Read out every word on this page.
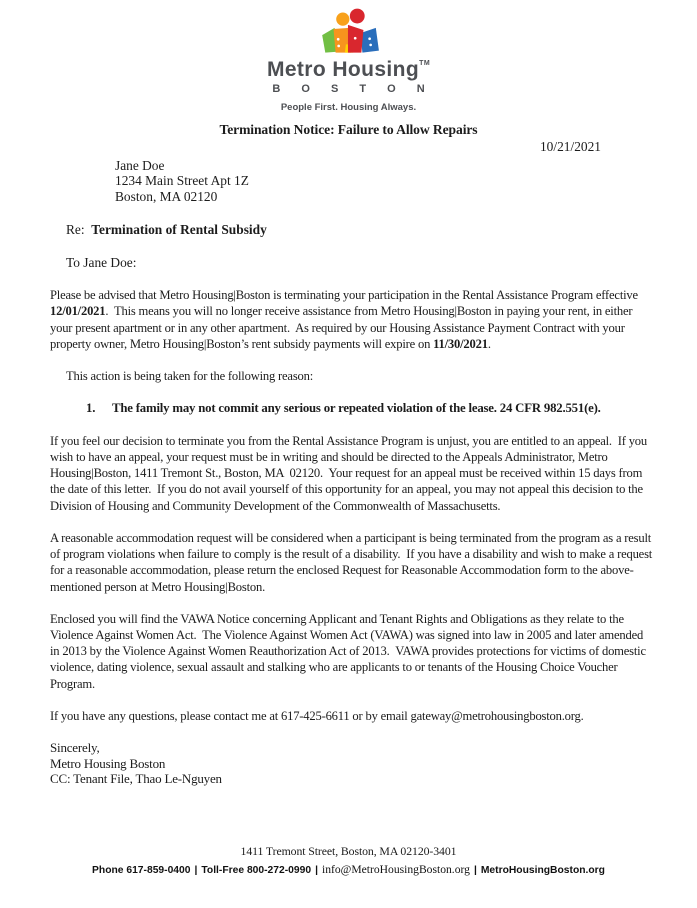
Metro Housing™
B O S T O N
People First. Housing Always.
Termination Notice: Failure to Allow Repairs
10/21/2021
Jane Doe
1234 Main Street Apt 1Z
Boston, MA 02120
Re:  Termination of Rental Subsidy
To Jane Doe:

Please be advised that Metro Housing|Boston is terminating your participation in the Rental Assistance Program effective 12/01/2021.  This means you will no longer receive assistance from Metro Housing|Boston in paying your rent, in either your present apartment or in any other apartment.  As required by our Housing Assistance Payment Contract with your property owner, Metro Housing|Boston’s rent subsidy payments will expire on 11/30/2021.

This action is being taken for the following reason:

1.	The family may not commit any serious or repeated violation of the lease. 24 CFR 982.551(e).

If you feel our decision to terminate you from the Rental Assistance Program is unjust, you are entitled to an appeal.  If you wish to have an appeal, your request must be in writing and should be directed to the Appeals Administrator, Metro Housing|Boston, 1411 Tremont St., Boston, MA  02120.  Your request for an appeal must be received within 15 days from the date of this letter.  If you do not avail yourself of this opportunity for an appeal, you may not appeal this decision to the Division of Housing and Community Development of the Commonwealth of Massachusetts.

A reasonable accommodation request will be considered when a participant is being terminated from the program as a result of program violations when failure to comply is the result of a disability.  If you have a disability and wish to make a request for a reasonable accommodation, please return the enclosed Request for Reasonable Accommodation form to the above-mentioned person at Metro Housing|Boston.

Enclosed you will find the VAWA Notice concerning Applicant and Tenant Rights and Obligations as they relate to the Violence Against Women Act.  The Violence Against Women Act (VAWA) was signed into law in 2005 and later amended in 2013 by the Violence Against Women Reauthorization Act of 2013.  VAWA provides protections for victims of domestic violence, dating violence, sexual assault and stalking who are applicants to or tenants of the Housing Choice Voucher Program.

If you have any questions, please contact me at 617-425-6611 or by email gateway@metrohousingboston.org.

Sincerely,
Metro Housing Boston
CC: Tenant File, Thao Le-Nguyen
1411 Tremont Street, Boston, MA 02120-3401
Phone 617-859-0400 | Toll-Free 800-272-0990 | info@MetroHousingBoston.org | MetroHousingBoston.org
